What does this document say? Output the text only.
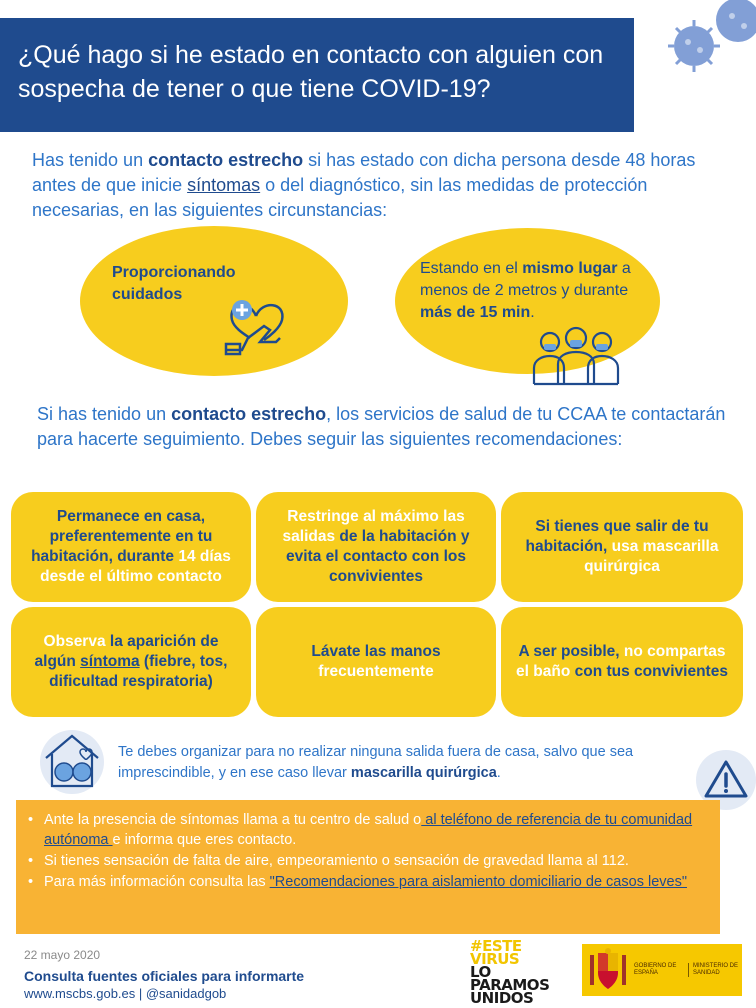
¿Qué hago si he estado en contacto con alguien con sospecha de tener o que tiene COVID-19?
Has tenido un contacto estrecho si has estado con dicha persona desde 48 horas antes de que inicie síntomas o del diagnóstico, sin las medidas de protección necesarias, en las siguientes circunstancias:
Proporcionando cuidados
Estando en el mismo lugar a menos de 2 metros y durante más de 15 min.
Si has tenido un contacto estrecho, los servicios de salud de tu CCAA te contactarán para hacerte seguimiento. Debes seguir las siguientes recomendaciones:
Permanece en casa, preferentemente en tu habitación, durante 14 días desde el último contacto
Restringe al máximo las salidas de la habitación y evita el contacto con los convivientes
Si tienes que salir de tu habitación, usa mascarilla quirúrgica
Observa la aparición de algún síntoma (fiebre, tos, dificultad respiratoria)
Lávate las manos frecuentemente
A ser posible, no compartas el baño con tus convivientes
Te debes organizar para no realizar ninguna salida fuera de casa, salvo que sea imprescindible, y en ese caso llevar mascarilla quirúrgica.
• Ante la presencia de síntomas llama a tu centro de salud o al teléfono de referencia de tu comunidad autónoma e informa que eres contacto.
• Si tienes sensación de falta de aire, empeoramiento o sensación de gravedad llama al 112.
• Para más información consulta las "Recomendaciones para aislamiento domiciliario de casos leves"
22 mayo 2020
Consulta fuentes oficiales para informarte
www.mscbs.gob.es | @sanidadgob
#ESTE
VIRUS
LO
PARAMOS
UNIDOS
GOBIERNO DE ESPAÑA
MINISTERIO DE SANIDAD
